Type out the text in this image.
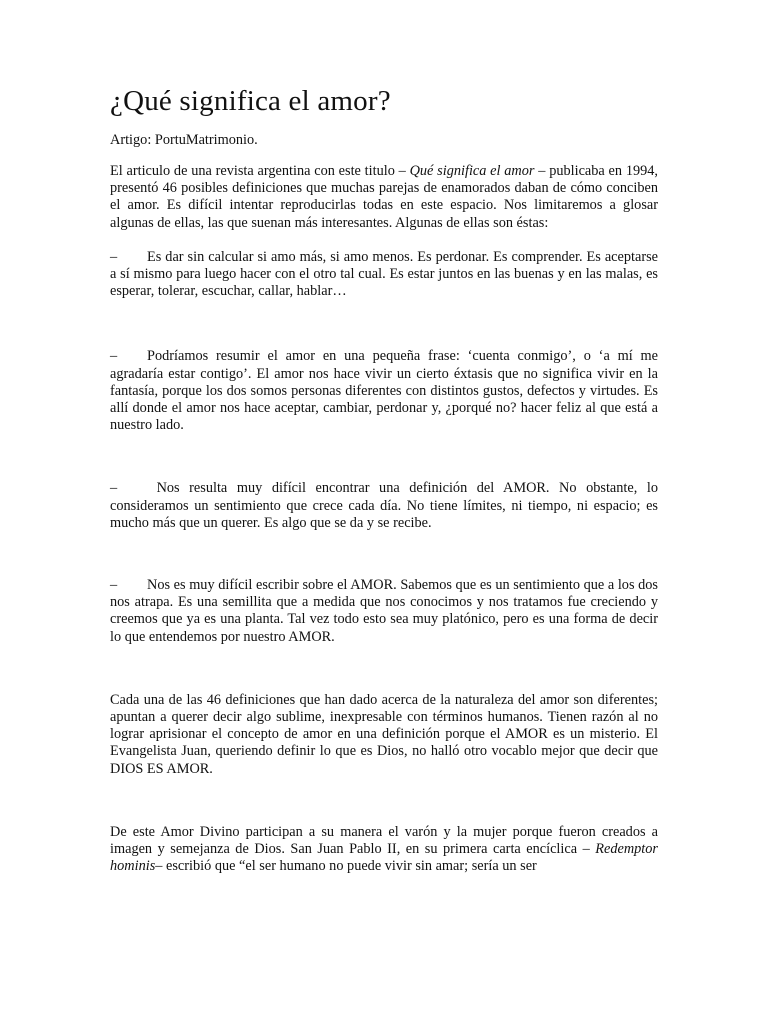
¿Qué significa el amor?

Artigo: PortuMatrimonio.

El articulo de una revista argentina con este titulo – Qué significa el amor – publicaba en 1994, presentó 46 posibles definiciones que muchas parejas de enamorados daban de cómo conciben el amor. Es difícil intentar reproducirlas todas en este espacio. Nos limitaremos a glosar algunas de ellas, las que suenan más interesantes. Algunas de ellas son éstas:

– Es dar sin calcular si amo más, si amo menos. Es perdonar. Es comprender. Es aceptarse a sí mismo para luego hacer con el otro tal cual. Es estar juntos en las buenas y en las malas, es esperar, tolerar, escuchar, callar, hablar…

– Podríamos resumir el amor en una pequeña frase: ‘cuenta conmigo’, o ‘a mí me agradaría estar contigo’. El amor nos hace vivir un cierto éxtasis que no significa vivir en la fantasía, porque los dos somos personas diferentes con distintos gustos, defectos y virtudes. Es allí donde el amor nos hace aceptar, cambiar, perdonar y, ¿porqué no? hacer feliz al que está a nuestro lado.

– Nos resulta muy difícil encontrar una definición del AMOR. No obstante, lo consideramos un sentimiento que crece cada día. No tiene límites, ni tiempo, ni espacio; es mucho más que un querer. Es algo que se da y se recibe.

– Nos es muy difícil escribir sobre el AMOR. Sabemos que es un sentimiento que a los dos nos atrapa. Es una semillita que a medida que nos conocimos y nos tratamos fue creciendo y creemos que ya es una planta. Tal vez todo esto sea muy platónico, pero es una forma de decir lo que entendemos por nuestro AMOR.

Cada una de las 46 definiciones que han dado acerca de la naturaleza del amor son diferentes; apuntan a querer decir algo sublime, inexpresable con términos humanos. Tienen razón al no lograr aprisionar el concepto de amor en una definición porque el AMOR es un misterio. El Evangelista Juan, queriendo definir lo que es Dios, no halló otro vocablo mejor que decir que DIOS ES AMOR.

De este Amor Divino participan a su manera el varón y la mujer porque fueron creados a imagen y semejanza de Dios. San Juan Pablo II, en su primera carta encíclica – Redemptor hominis– escribió que “el ser humano no puede vivir sin amar; sería un ser
